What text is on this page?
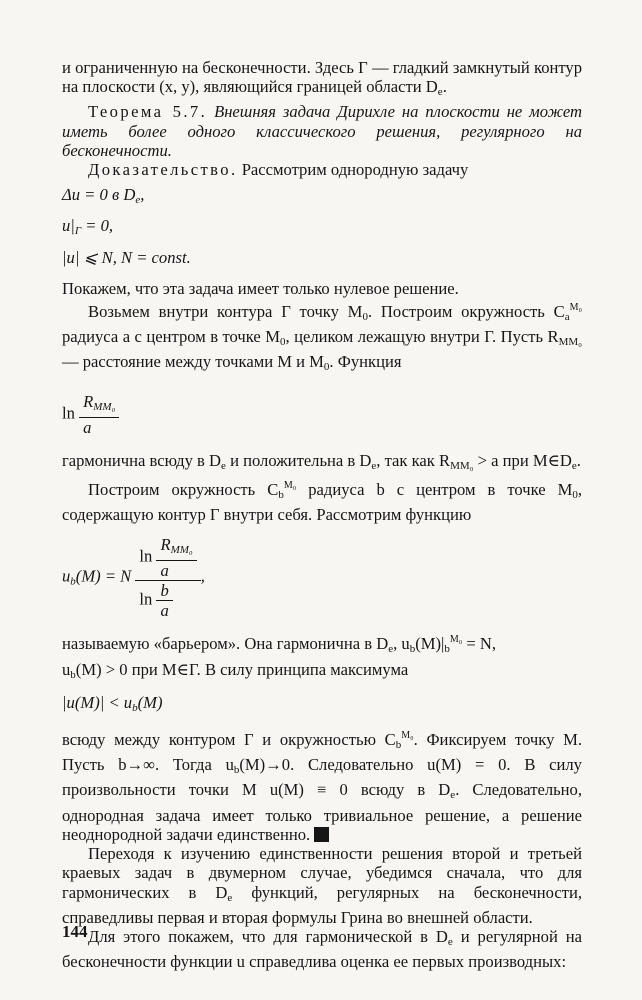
и ограниченную на бесконечности. Здесь Г — гладкий замкнутый контур на плоскости (x, y), являющийся границей области $D_e$.

Теорема 5.7. Внешняя задача Дирихле на плоскости не может иметь более одного классического решения, регулярного на бесконечности.

Доказательство. Рассмотрим однородную задачу

Δu = 0 в $D_e$,

$u|_Г = 0$,

|u| ⩽ N, N = const.

Покажем, что эта задача имеет только нулевое решение.

Возьмем внутри контура Г точку $M_0$. Построим окружность $C_a^{M_0}$ радиуса a с центром в точке $M_0$, целиком лежащую внутри Г. Пусть $R_{MM_0}$ — расстояние между точками M и $M_0$. Функция

$\ln \frac{R_{MM_0}}{a}$

гармонична всюду в $D_e$ и положительна в $D_e$, так как $R_{MM_0} > a$ при $M\in D_e$.

Построим окружность $C_b^{M_0}$ радиуса b с центром в точке $M_0$, содержащую контур Г внутри себя. Рассмотрим функцию

$u_b(M) = N \frac{\ln \frac{R_{MM_0}}{a}}{\ln \frac{b}{a}}$ ,

называемую «барьером». Она гармонична в $D_e$, $u_b(M)|_b^{M_0} = N$,
$u_b(M) > 0$ при M∈Г. В силу принципа максимума

$|u(M)| < u_b(M)$

всюду между контуром Г и окружностью $C_b^{M_0}$. Фиксируем точку M. Пусть b→∞. Тогда $u_b(M)\to 0$. Следовательно u(M) = 0. В силу произвольности точки M u(M) ≡ 0 всюду в $D_e$. Следовательно, однородная задача имеет только тривиальное решение, а решение неоднородной задачи единственно.

Переходя к изучению единственности решения второй и третьей краевых задач в двумерном случае, убедимся сначала, что для гармонических в $D_e$ функций, регулярных на бесконечности, справедливы первая и вторая формулы Грина во внешней области.

Для этого покажем, что для гармонической в $D_e$ и регулярной на бесконечности функции u справедлива оценка ее первых производных:

144
